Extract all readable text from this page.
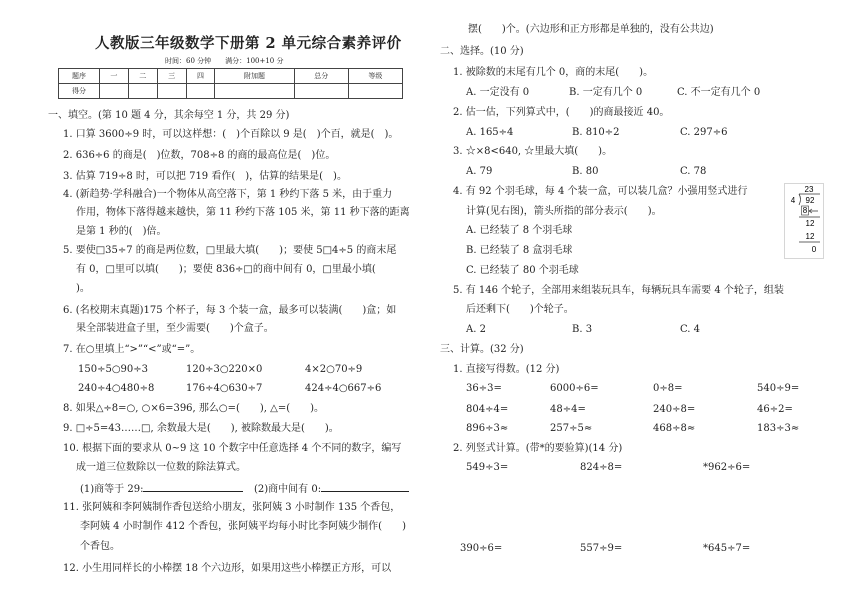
人教版三年级数学下册第 2 单元综合素养评价
时间：60 分钟　　满分：100+10 分
题序	一	二	三	四	附加题	总分	等级
得分							
一、填空。(第 10 题 4 分，其余每空 1 分，共 29 分)
1. 口算 3600÷9 时，可以这样想：(　)个百除以 9 是(　)个百，就是(　)。
2. 636÷6 的商是(　)位数，708÷8 的商的最高位是(　)位。
3. 估算 719÷8 时，可以把 719 看作(　)，估算的结果是(　)。
4. (新趋势·学科融合)一个物体从高空落下，第 1 秒约下落 5 米，由于重力
作用，物体下落得越来越快，第 11 秒约下落 105 米，第 11 秒下落的距离
是第 1 秒的(　)倍。
5. 要使□35÷7 的商是两位数，□里最大填(　　)；要使 5□4÷5 的商末尾
有 0，□里可以填(　　)；要使 836÷□的商中间有 0，□里最小填(　　
)。
6. (名校期末真题)175 个杯子，每 3 个装一盒，最多可以装满(　　)盒；如
果全部装进盒子里，至少需要(　　)个盒子。
7. 在○里填上“>”“<”或“=”。
150÷5○90÷3	120÷3○220×0	4×2○70÷9
240÷4○480÷8	176÷4○630÷7	424÷4○667÷6
8. 如果△÷8=○, ○×6=396, 那么○=(　　), △=(　　)。
9. □÷5=43……□, 余数最大是(　　), 被除数最大是(　　)。
10. 根据下面的要求从 0~9 这 10 个数字中任意选择 4 个不同的数字，编写
成一道三位数除以一位数的除法算式。
(1)商等于 29:	(2)商中间有 0:
11. 张阿姨和李阿姨制作香包送给小朋友，张阿姨 3 小时制作 135 个香包，
李阿姨 4 小时制作 412 个香包，张阿姨平均每小时比李阿姨少制作(　　)
个香包。
12. 小生用同样长的小棒摆 18 个六边形，如果用这些小棒摆正方形，可以
摆(　　)个。(六边形和正方形都是单独的，没有公共边)
二、选择。(10 分)
1. 被除数的末尾有几个 0，商的末尾(　　)。
A. 一定没有 0	B. 一定有几个 0	C. 不一定有几个 0
2. 估一估，下列算式中，(　　)的商最接近 40。
A. 165÷4	B. 810÷2	C. 297÷6
3. ☆×8<640, ☆里最大填(　　)。
A. 79	B. 80	C. 78
4. 有 92 个羽毛球，每 4 个装一盒，可以装几盒？小强用竖式进行
计算(见右图)，箭头所指的部分表示(　　)。
A. 已经装了 8 个羽毛球
B. 已经装了 8 盒羽毛球
C. 已经装了 80 个羽毛球
5. 有 146 个轮子，全部用来组装玩具车，每辆玩具车需要 4 个轮子，组装
后还剩下(　　)个轮子。
A. 2	B. 3	C. 4
三、计算。(32 分)
1. 直接写得数。(12 分)
36÷3=	6000÷6=	0÷8=	540÷9=
804÷4=	48÷4=	240÷8=	46÷2=
896÷3≈	257÷5≈	468÷8≈	183÷3≈
2. 列竖式计算。(带*的要验算)(14 分)
549÷3=	824÷8=	*962÷6=
390÷6=	557÷9=	*645÷7=
23
4 92
8
12
12
0
